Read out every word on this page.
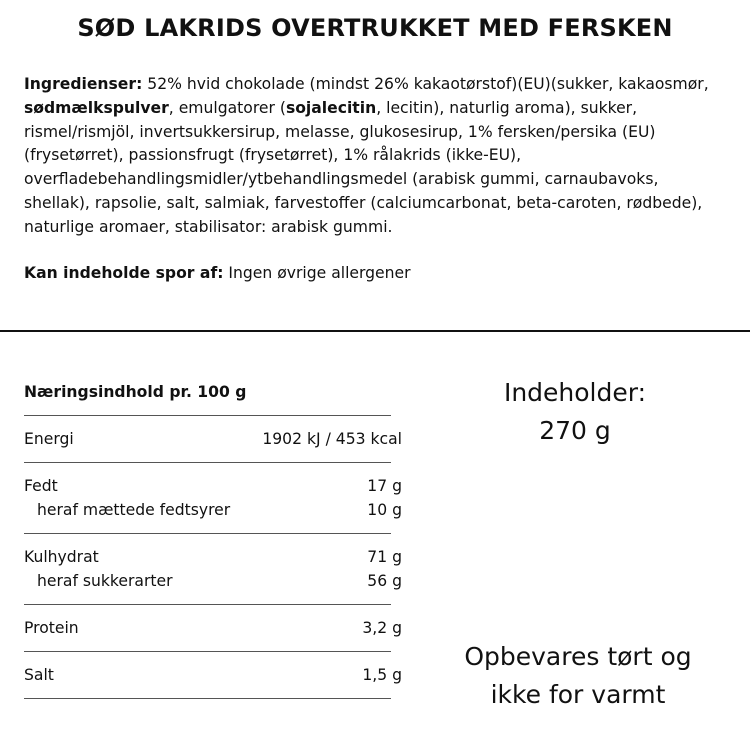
SØD LAKRIDS OVERTRUKKET MED FERSKEN
Ingredienser: 52% hvid chokolade (mindst 26% kakaotørstof)(EU)(sukker, kakaosmør, sødmælkspulver, emulgatorer (sojalecitin, lecitin), naturlig aroma), sukker, rismel/rismjöl, invertsukkersirup, melasse, glukosesirup, 1% fersken/persika (EU)(frysetørret), passionsfrugt (frysetørret), 1% rålakrids (ikke-EU), overfladebehandlingsmidler/ytbehandlingsmedel (arabisk gummi, carnaubavoks, shellak), rapsolie, salt, salmiak, farvestoffer (calciumcarbonat, beta-caroten, rødbede), naturlige aromaer, stabilisator: arabisk gummi.
Kan indeholde spor af: Ingen øvrige allergener
Næringsindhold pr. 100 g
Energi	1902 kJ / 453 kcal
Fedt	17 g
heraf mættede fedtsyrer	10 g
Kulhydrat	71 g
heraf sukkerarter	56 g
Protein	3,2 g
Salt	1,5 g
Indeholder:
270 g
Opbevares tørt og
ikke for varmt
